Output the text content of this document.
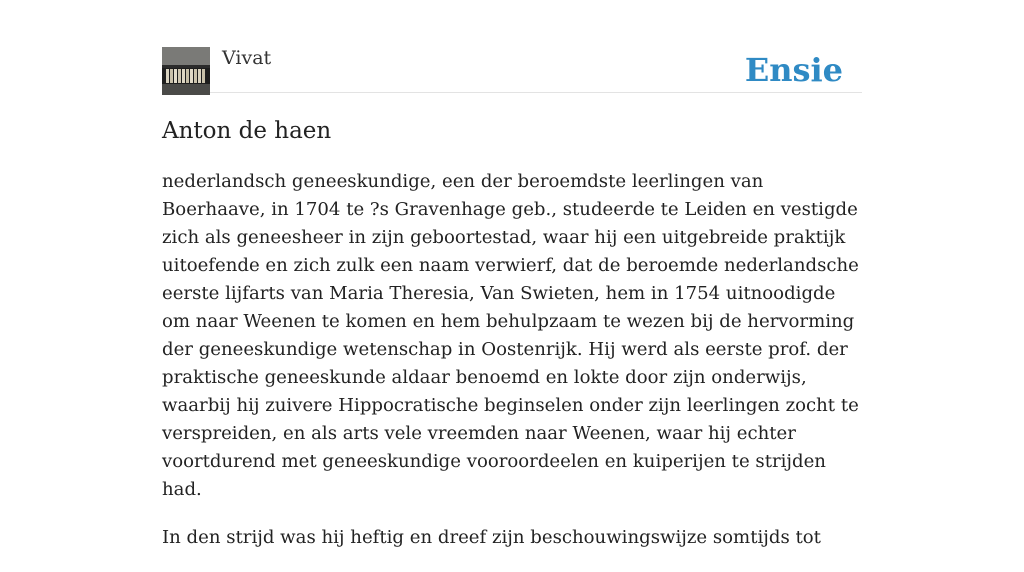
Vivat	Ensie
Anton de haen

nederlandsch geneeskundige, een der beroemdste leerlingen van Boerhaave, in 1704 te ?s Gravenhage geb., studeerde te Leiden en vestigde zich als geneesheer in zijn geboortestad, waar hij een uitgebreide praktijk uitoefende en zich zulk een naam verwierf, dat de beroemde nederlandsche eerste lijfarts van Maria Theresia, Van Swieten, hem in 1754 uitnoodigde om naar Weenen te komen en hem behulpzaam te wezen bij de hervorming der geneeskundige wetenschap in Oostenrijk. Hij werd als eerste prof. der praktische geneeskunde aldaar benoemd en lokte door zijn onderwijs, waarbij hij zuivere Hippocratische beginselen onder zijn leerlingen zocht te verspreiden, en als arts vele vreemden naar Weenen, waar hij echter voortdurend met geneeskundige vooroordeelen en kuiperijen te strijden had.

In den strijd was hij heftig en dreef zijn beschouwingswijze somtijds tot
